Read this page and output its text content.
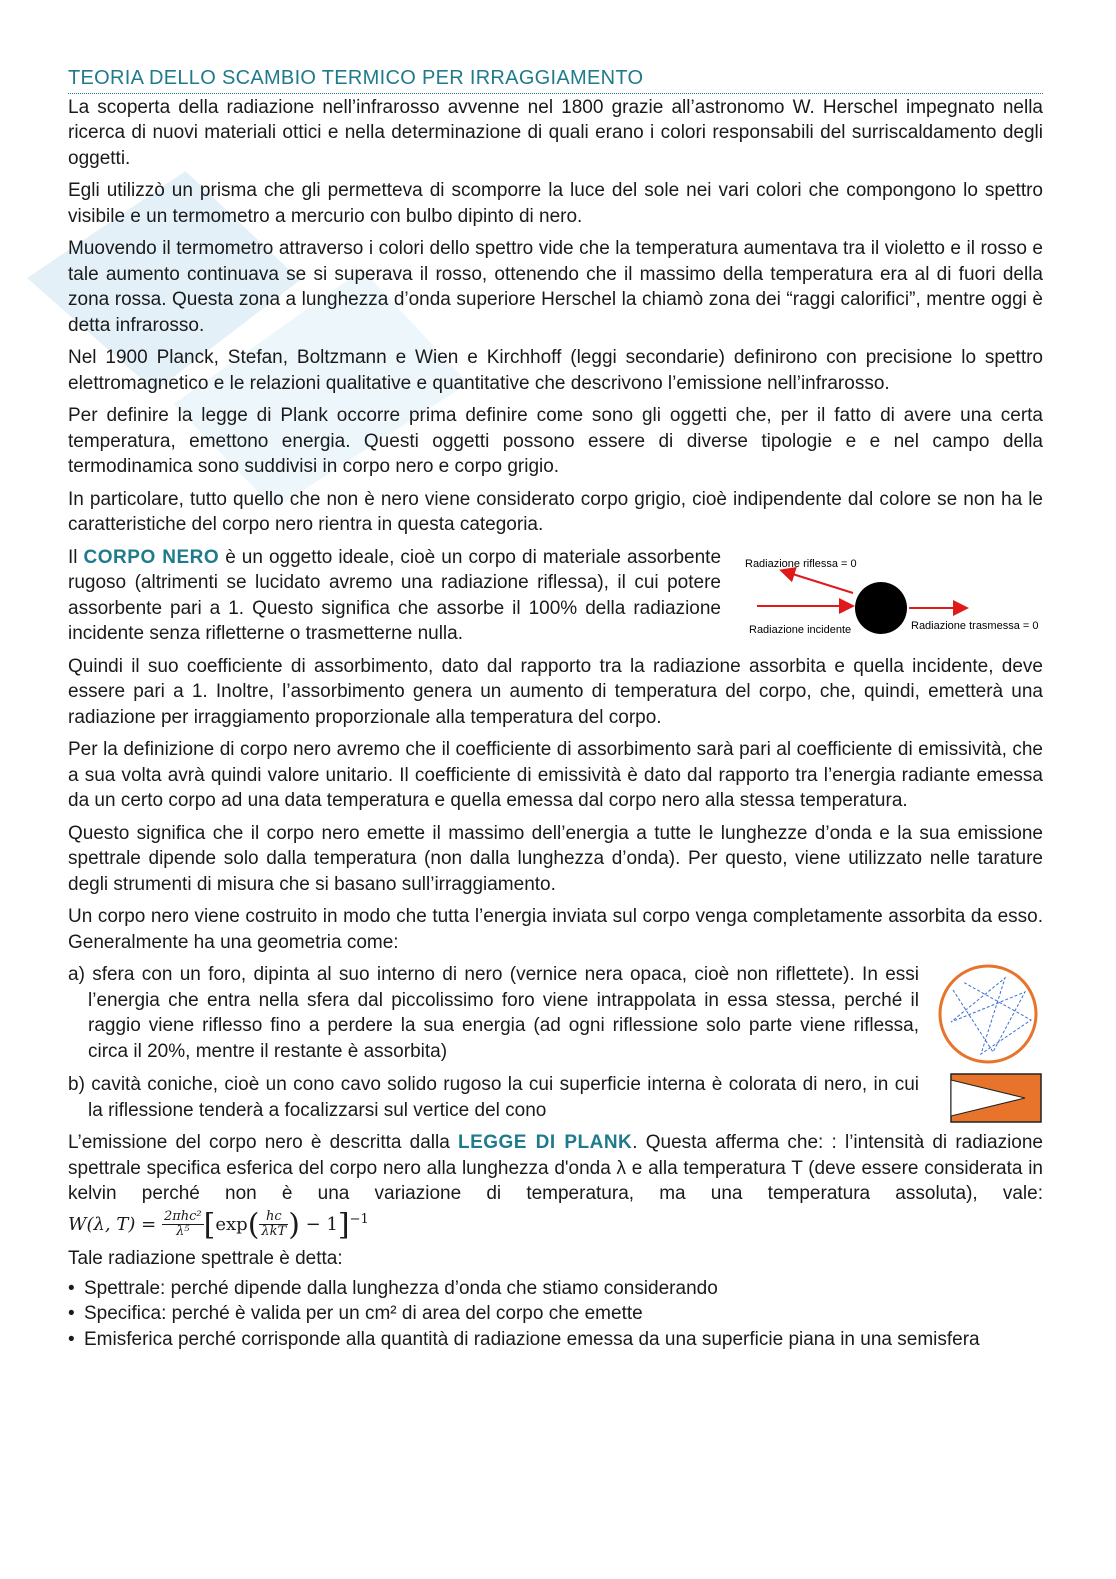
TEORIA DELLO SCAMBIO TERMICO PER IRRAGGIAMENTO

La scoperta della radiazione nell’infrarosso avvenne nel 1800 grazie all’astronomo W. Herschel impegnato nella ricerca di nuovi materiali ottici e nella determinazione di quali erano i colori responsabili del surriscaldamento degli oggetti.

Egli utilizzò un prisma che gli permetteva di scomporre la luce del sole nei vari colori che compongono lo spettro visibile e un termometro a mercurio con bulbo dipinto di nero.

Muovendo il termometro attraverso i colori dello spettro vide che la temperatura aumentava tra il violetto e il rosso e tale aumento continuava se si superava il rosso, ottenendo che il massimo della temperatura era al di fuori della zona rossa. Questa zona a lunghezza d’onda superiore Herschel la chiamò zona dei “raggi calorifici”, mentre oggi è detta infrarosso.

Nel 1900 Planck, Stefan, Boltzmann e Wien e Kirchhoff (leggi secondarie) definirono con precisione lo spettro elettromagnetico e le relazioni qualitative e quantitative che descrivono l’emissione nell’infrarosso.

Per definire la legge di Plank occorre prima definire come sono gli oggetti che, per il fatto di avere una certa temperatura, emettono energia. Questi oggetti possono essere di diverse tipologie e e nel campo della termodinamica sono suddivisi in corpo nero e corpo grigio.

In particolare, tutto quello che non è nero viene considerato corpo grigio, cioè indipendente dal colore se non ha le caratteristiche del corpo nero rientra in questa categoria.

Il CORPO NERO è un oggetto ideale, cioè un corpo di materiale assorbente rugoso (altrimenti se lucidato avremo una radiazione riflessa), il cui potere assorbente pari a 1. Questo significa che assorbe il 100% della radiazione incidente senza rifletterne o trasmetterne nulla.

Radiazione riflessa = 0
Radiazione incidente	Radiazione trasmessa = 0

Quindi il suo coefficiente di assorbimento, dato dal rapporto tra la radiazione assorbita e quella incidente, deve essere pari a 1. Inoltre, l’assorbimento genera un aumento di temperatura del corpo, che, quindi, emetterà una radiazione per irraggiamento proporzionale alla temperatura del corpo.

Per la definizione di corpo nero avremo che il coefficiente di assorbimento sarà pari al coefficiente di emissività, che a sua volta avrà quindi valore unitario. Il coefficiente di emissività è dato dal rapporto tra l’energia radiante emessa da un certo corpo ad una data temperatura e quella emessa dal corpo nero alla stessa temperatura.

Questo significa che il corpo nero emette il massimo dell’energia a tutte le lunghezze d’onda e la sua emissione spettrale dipende solo dalla temperatura (non dalla lunghezza d’onda). Per questo, viene utilizzato nelle tarature degli strumenti di misura che si basano sull’irraggiamento.

Un corpo nero viene costruito in modo che tutta l’energia inviata sul corpo venga completamente assorbita da esso. Generalmente ha una geometria come:

a) sfera con un foro, dipinta al suo interno di nero (vernice nera opaca, cioè non riflettete). In essi l’energia che entra nella sfera dal piccolissimo foro viene intrappolata in essa stessa, perché il raggio viene riflesso fino a perdere la sua energia (ad ogni riflessione solo parte viene riflessa, circa il 20%, mentre il restante è assorbita)

b) cavità coniche, cioè un cono cavo solido rugoso la cui superficie interna è colorata di nero, in cui la riflessione tenderà a focalizzarsi sul vertice del cono

L’emissione del corpo nero è descritta dalla LEGGE DI PLANK. Questa afferma che: : l’intensità di radiazione spettrale specifica esferica del corpo nero alla lunghezza d'onda λ e alla temperatura T (deve essere considerata in kelvin perché non è una variazione di temperatura, ma una temperatura assoluta), vale: W(λ, $T) = \frac{\text{2πhc²}}{\text{λ⁵}} [\exp( \frac{hc}{\text{λkT}}$ ) − 1]$^{-1}$

Tale radiazione spettrale è detta:

• Spettrale: perché dipende dalla lunghezza d’onda che stiamo considerando
• Specifica: perché è valida per un cm² di area del corpo che emette
• Emisferica perché corrisponde alla quantità di radiazione emessa da una superficie piana in una semisfera
